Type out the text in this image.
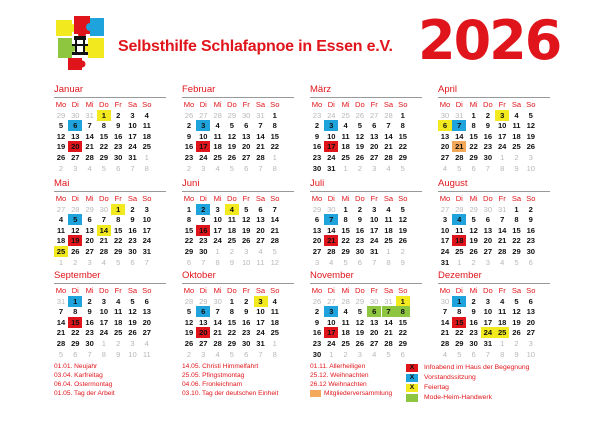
Selbsthilfe Schlafapnoe in Essen e.V. 2026
Januar
Mo Di Mi Do Fr Sa So
29 30 31	1	2	3	4
5	6	7	8	9	10 11
12 13 14 15 16 17 18
19 20 21 22 23 24 25
26 27 28 29 30 31	1
2	3	4	5	6	7	8
Februar
Mo Di Mi Do Fr Sa So
26 27 28 29 30 31	1
2	3	4	5	6	7	8
9	10 11 12 13 14 15
16 17 18 19 20 21 22
23 24 25 26 27 28	1
2	3	4	5	6	7	8
März
Mo Di Mi Do Fr Sa So
23 24 25 26 27 28	1
2	3	4	5	6	7	8
9	10 11 12 13 14 15
16 17 18 19 20 21 22
23 24 25 26 27 28 29
30 31	1	2	3	4	5
April
Mo Di Mi Do Fr Sa So
30 31	1	2	3	4	5
6	7	8	9	10 11 12
13 14 15 16 17 18 19
20 21 22 23 24 25 26
27 28 29 30	1	2	3
4	5	6	7	8	9	10
Mai
Mo Di Mi Do Fr Sa So
27 28 29 30	1	2	3
4	5	6	7	8	9	10
11 12 13 14 15 16 17
18 19 20 21 22 23 24
25 26 27 28 29 30 31
1	2	3	4	5	6	7
Juni
Mo Di Mi Do Fr Sa So
1	2	3	4	5	6	7
8	9	10 11 12 13 14
15 16 17 18 19 20 21
22 23 24 25 26 27 28
29 30	1	2	3	4	5
6	7	8	9	10 11 12
Juli
Mo Di Mi Do Fr Sa So
29 30	1	2	3	4	5
6	7	8	9	10 11 12
13 14 15 16 17 18 19
20 21 22 23 24 25 26
27 28 29 30 31	1	2
3	4	5	6	7	8	9
August
Mo Di Mi Do Fr Sa So
27 28 29 30 31	1	2
3	4	5	6	7	8	9
10 11 12 13 14 15 16
17 18 19 20 21 22 23
24 25 26 27 28 29 30
31	1	2	3	4	5	6
September
Mo Di Mi Do Fr Sa So
31	1	2	3	4	5	6
7	8	9	10 11 12 13
14 15 16 17 18 19 20
21 22 23 24 25 26 27
28 29 30	1	2	3	4
5	6	7	8	9	10 11
Oktober
Mo Di Mi Do Fr Sa So
28 29 30	1	2	3	4
5	6	7	8	9	10 11
12 13 14 15 16 17 18
19 20 21 22 23 24 25
26 27 28 29 30 31	1
2	3	4	5	6	7	8
November
Mo Di Mi Do Fr Sa So
26 27 28 29 30 31	1
2	3	4	5	6	7	8
9	10 11 12 13 14 15
16 17 18 19 20 21 22
23 24 25 26 27 28 29
30	1	2	3	4	5	6
Dezember
Mo Di Mi Do Fr Sa So
30	1	2	3	4	5	6
7	8	9	10 11 12 13
14 15 16 17 18 19 20
21 22 23 24 25 26 27
28 29 30 31	1	2	3
4	5	6	7	8	9	10
01.01. Neujahr
03.04. Karfreitag
06.04. Ostermontag
01.05. Tag der Arbeit
14.05. Christi Himmelfahrt
25.05. Pfingstmontag
04.06. Fronleichnam
03.10. Tag der deutschen Einheit
01.11. Allerheiligen
25.12. Weihnachten
26.12 Weihnachten
Mitgliederversammlung
X	Infoabend im Haus der Begegnung
X	Vorstandssitzung
X	Feiertag
Mode-Heim-Handwerk
